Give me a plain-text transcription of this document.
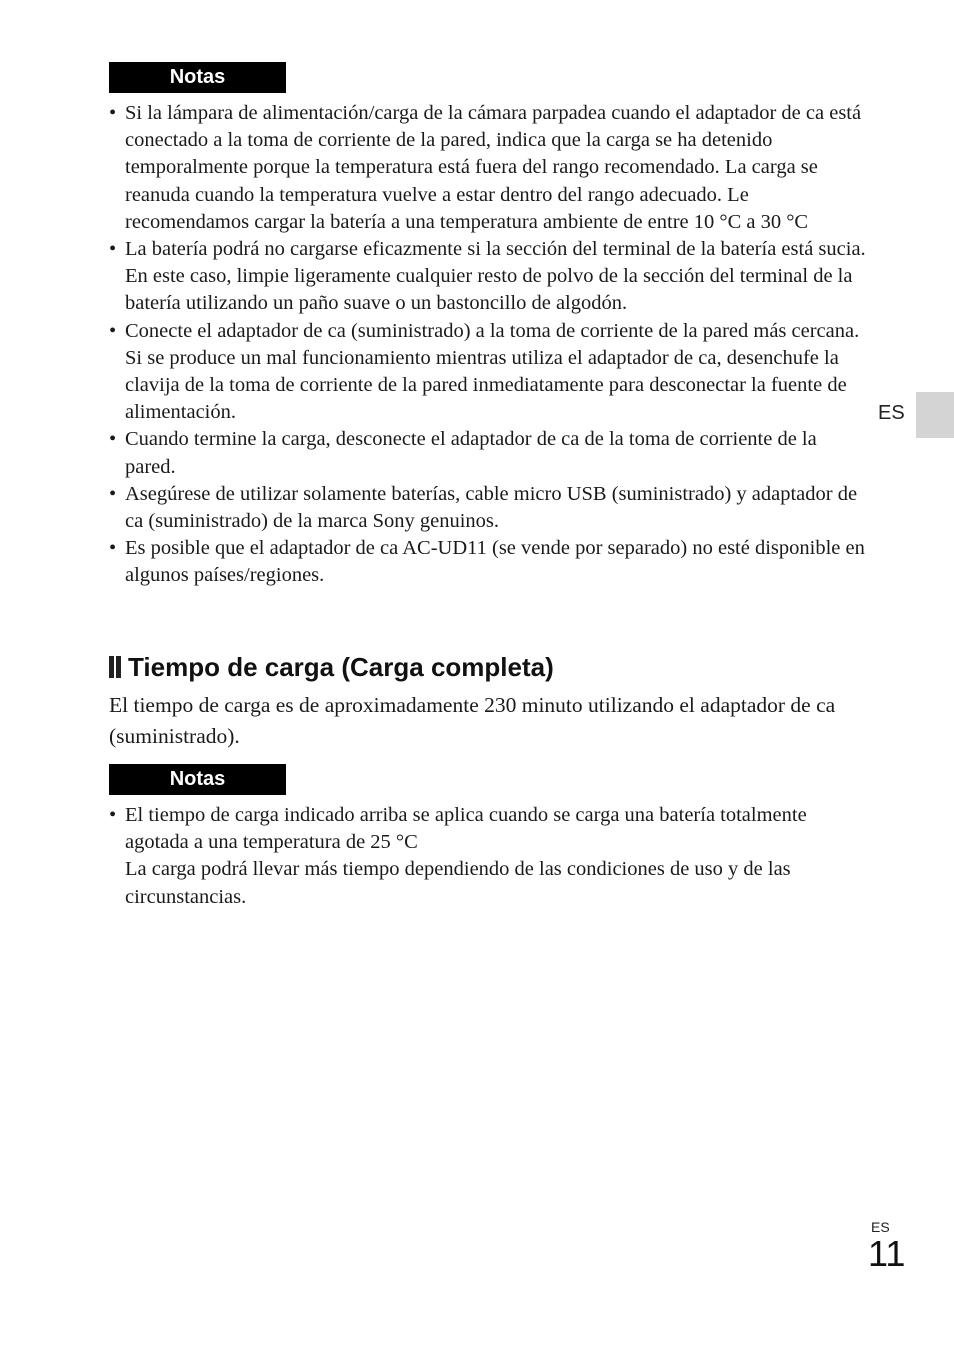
Notas
• Si la lámpara de alimentación/carga de la cámara parpadea cuando el adaptador de ca está conectado a la toma de corriente de la pared, indica que la carga se ha detenido temporalmente porque la temperatura está fuera del rango recomendado. La carga se reanuda cuando la temperatura vuelve a estar dentro del rango adecuado. Le recomendamos cargar la batería a una temperatura ambiente de entre 10 °C a 30 °C
• La batería podrá no cargarse eficazmente si la sección del terminal de la batería está sucia. En este caso, limpie ligeramente cualquier resto de polvo de la sección del terminal de la batería utilizando un paño suave o un bastoncillo de algodón.
• Conecte el adaptador de ca (suministrado) a la toma de corriente de la pared más cercana. Si se produce un mal funcionamiento mientras utiliza el adaptador de ca, desenchufe la clavija de la toma de corriente de la pared inmediatamente para desconectar la fuente de alimentación.
• Cuando termine la carga, desconecte el adaptador de ca de la toma de corriente de la pared.
• Asegúrese de utilizar solamente baterías, cable micro USB (suministrado) y adaptador de ca (suministrado) de la marca Sony genuinos.
• Es posible que el adaptador de ca AC-UD11 (se vende por separado) no esté disponible en algunos países/regiones.
Tiempo de carga (Carga completa)

El tiempo de carga es de aproximadamente 230 minuto utilizando el adaptador de ca (suministrado).

Notas
• El tiempo de carga indicado arriba se aplica cuando se carga una batería totalmente agotada a una temperatura de 25 °C
La carga podrá llevar más tiempo dependiendo de las condiciones de uso y de las circunstancias.
ES
ES
11
